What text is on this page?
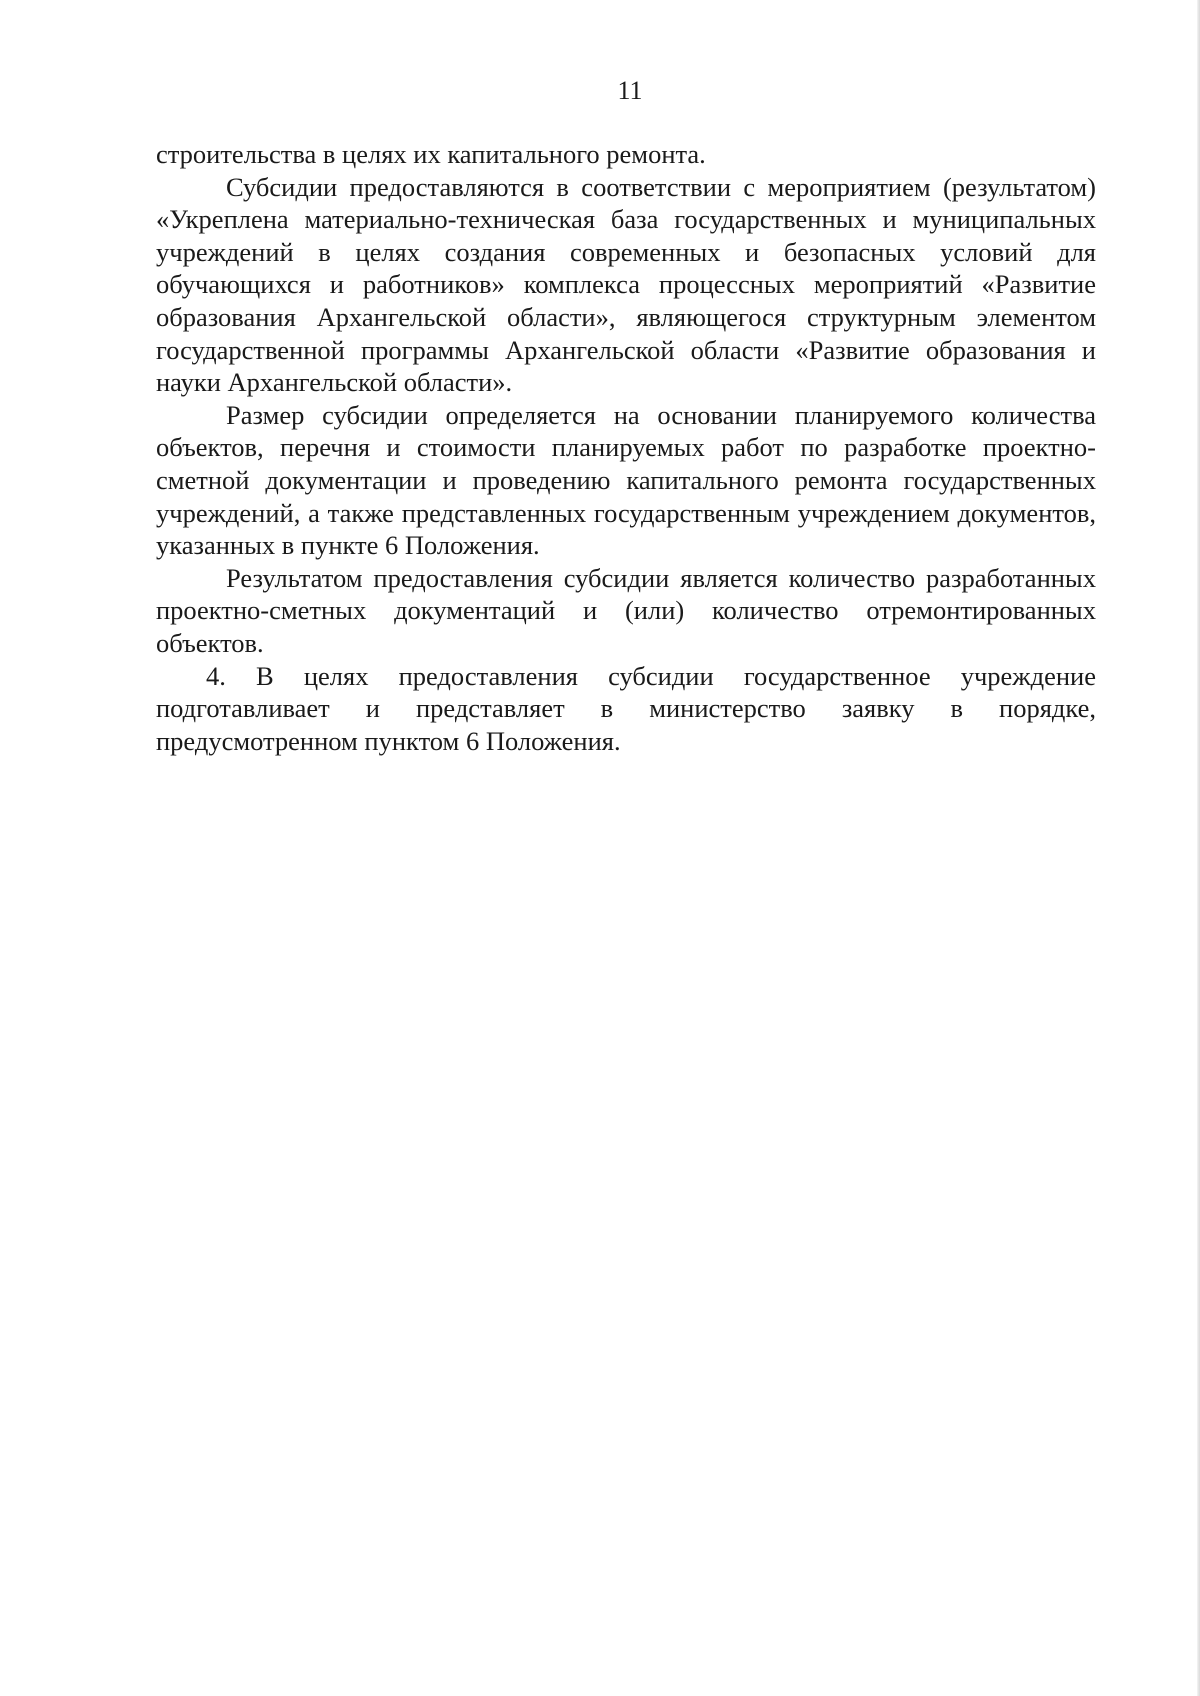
11

строительства в целях их капитального ремонта.

Субсидии предоставляются в соответствии с мероприятием (результатом) «Укреплена материально-техническая база государственных и муниципальных учреждений в целях создания современных и безопасных условий для обучающихся и работников» комплекса процессных мероприятий «Развитие образования Архангельской области», являющегося структурным элементом государственной программы Архангельской области «Развитие образования и науки Архангельской области».

Размер субсидии определяется на основании планируемого количества объектов, перечня и стоимости планируемых работ по разработке проектно-сметной документации и проведению капитального ремонта государственных учреждений, а также представленных государственным учреждением документов, указанных в пункте 6 Положения.

Результатом предоставления субсидии является количество разработанных проектно-сметных документаций и (или) количество отремонтированных объектов.

4. В целях предоставления субсидии государственное учреждение подготавливает и представляет в министерство заявку в порядке, предусмотренном пунктом 6 Положения.
